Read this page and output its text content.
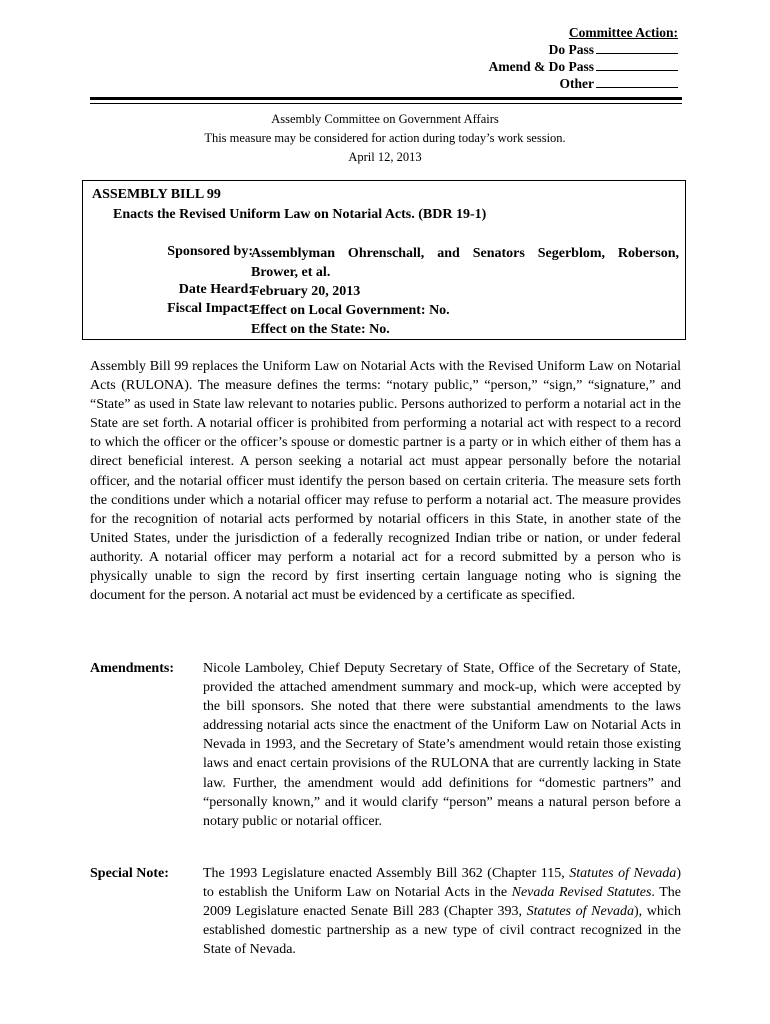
Committee Action:
Do Pass
Amend & Do Pass
Other
Assembly Committee on Government Affairs
This measure may be considered for action during today’s work session.
April 12, 2013
ASSEMBLY BILL 99
Enacts the Revised Uniform Law on Notarial Acts. (BDR 19-1)
Sponsored by:
Assemblyman Ohrenschall, and Senators Segerblom, Roberson, Brower, et al.
Date Heard:
February 20, 2013
Fiscal Impact:
Effect on Local Government: No.
Effect on the State: No.
Assembly Bill 99 replaces the Uniform Law on Notarial Acts with the Revised Uniform Law on Notarial Acts (RULONA). The measure defines the terms: “notary public,” “person,” “sign,” “signature,” and “State” as used in State law relevant to notaries public. Persons authorized to perform a notarial act in the State are set forth. A notarial officer is prohibited from performing a notarial act with respect to a record to which the officer or the officer’s spouse or domestic partner is a party or in which either of them has a direct beneficial interest. A person seeking a notarial act must appear personally before the notarial officer, and the notarial officer must identify the person based on certain criteria. The measure sets forth the conditions under which a notarial officer may refuse to perform a notarial act. The measure provides for the recognition of notarial acts performed by notarial officers in this State, in another state of the United States, under the jurisdiction of a federally recognized Indian tribe or nation, or under federal authority. A notarial officer may perform a notarial act for a record submitted by a person who is physically unable to sign the record by first inserting certain language noting who is signing the document for the person. A notarial act must be evidenced by a certificate as specified.
Amendments: Nicole Lamboley, Chief Deputy Secretary of State, Office of the Secretary of State, provided the attached amendment summary and mock-up, which were accepted by the bill sponsors. She noted that there were substantial amendments to the laws addressing notarial acts since the enactment of the Uniform Law on Notarial Acts in Nevada in 1993, and the Secretary of State’s amendment would retain those existing laws and enact certain provisions of the RULONA that are currently lacking in State law. Further, the amendment would add definitions for “domestic partners” and “personally known,” and it would clarify “person” means a natural person before a notary public or notarial officer.
Special Note: The 1993 Legislature enacted Assembly Bill 362 (Chapter 115, Statutes of Nevada) to establish the Uniform Law on Notarial Acts in the Nevada Revised Statutes. The 2009 Legislature enacted Senate Bill 283 (Chapter 393, Statutes of Nevada), which established domestic partnership as a new type of civil contract recognized in the State of Nevada.
